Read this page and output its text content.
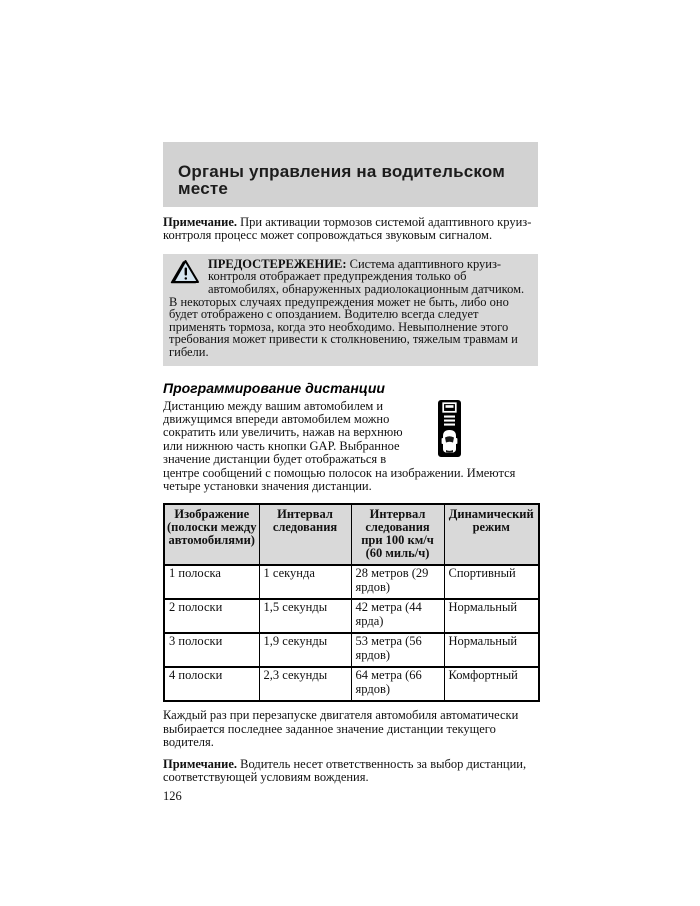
Органы управления на водительском месте

Примечание. При активации тормозов системой адаптивного круиз-контроля процесс может сопровождаться звуковым сигналом.

ПРЕДОСТЕРЕЖЕНИЕ: Система адаптивного круиз-контроля отображает предупреждения только об автомобилях, обнаруженных радиолокационным датчиком. В некоторых случаях предупреждения может не быть, либо оно будет отображено с опозданием. Водителю всегда следует применять тормоза, когда это необходимо. Невыполнение этого требования может привести к столкновению, тяжелым травмам и гибели.
Программирование дистанции

Дистанцию между вашим автомобилем и движущимся впереди автомобилем можно сократить или увеличить, нажав на верхнюю или нижнюю часть кнопки GAP. Выбранное значение дистанции будет отображаться в центре сообщений с помощью полосок на изображении. Имеются четыре установки значения дистанции.

Изображение (полоски между автомобилями)	Интервал следования	Интервал следования при 100 км/ч (60 миль/ч)	Динамический режим
1 полоска	1 секунда	28 метров (29 ярдов)	Спортивный
2 полоски	1,5 секунды	42 метра (44 ярда)	Нормальный
3 полоски	1,9 секунды	53 метра (56 ярдов)	Нормальный
4 полоски	2,3 секунды	64 метра (66 ярдов)	Комфортный

Каждый раз при перезапуске двигателя автомобиля автоматически выбирается последнее заданное значение дистанции текущего водителя.

Примечание. Водитель несет ответственность за выбор дистанции, соответствующей условиям вождения.

126
